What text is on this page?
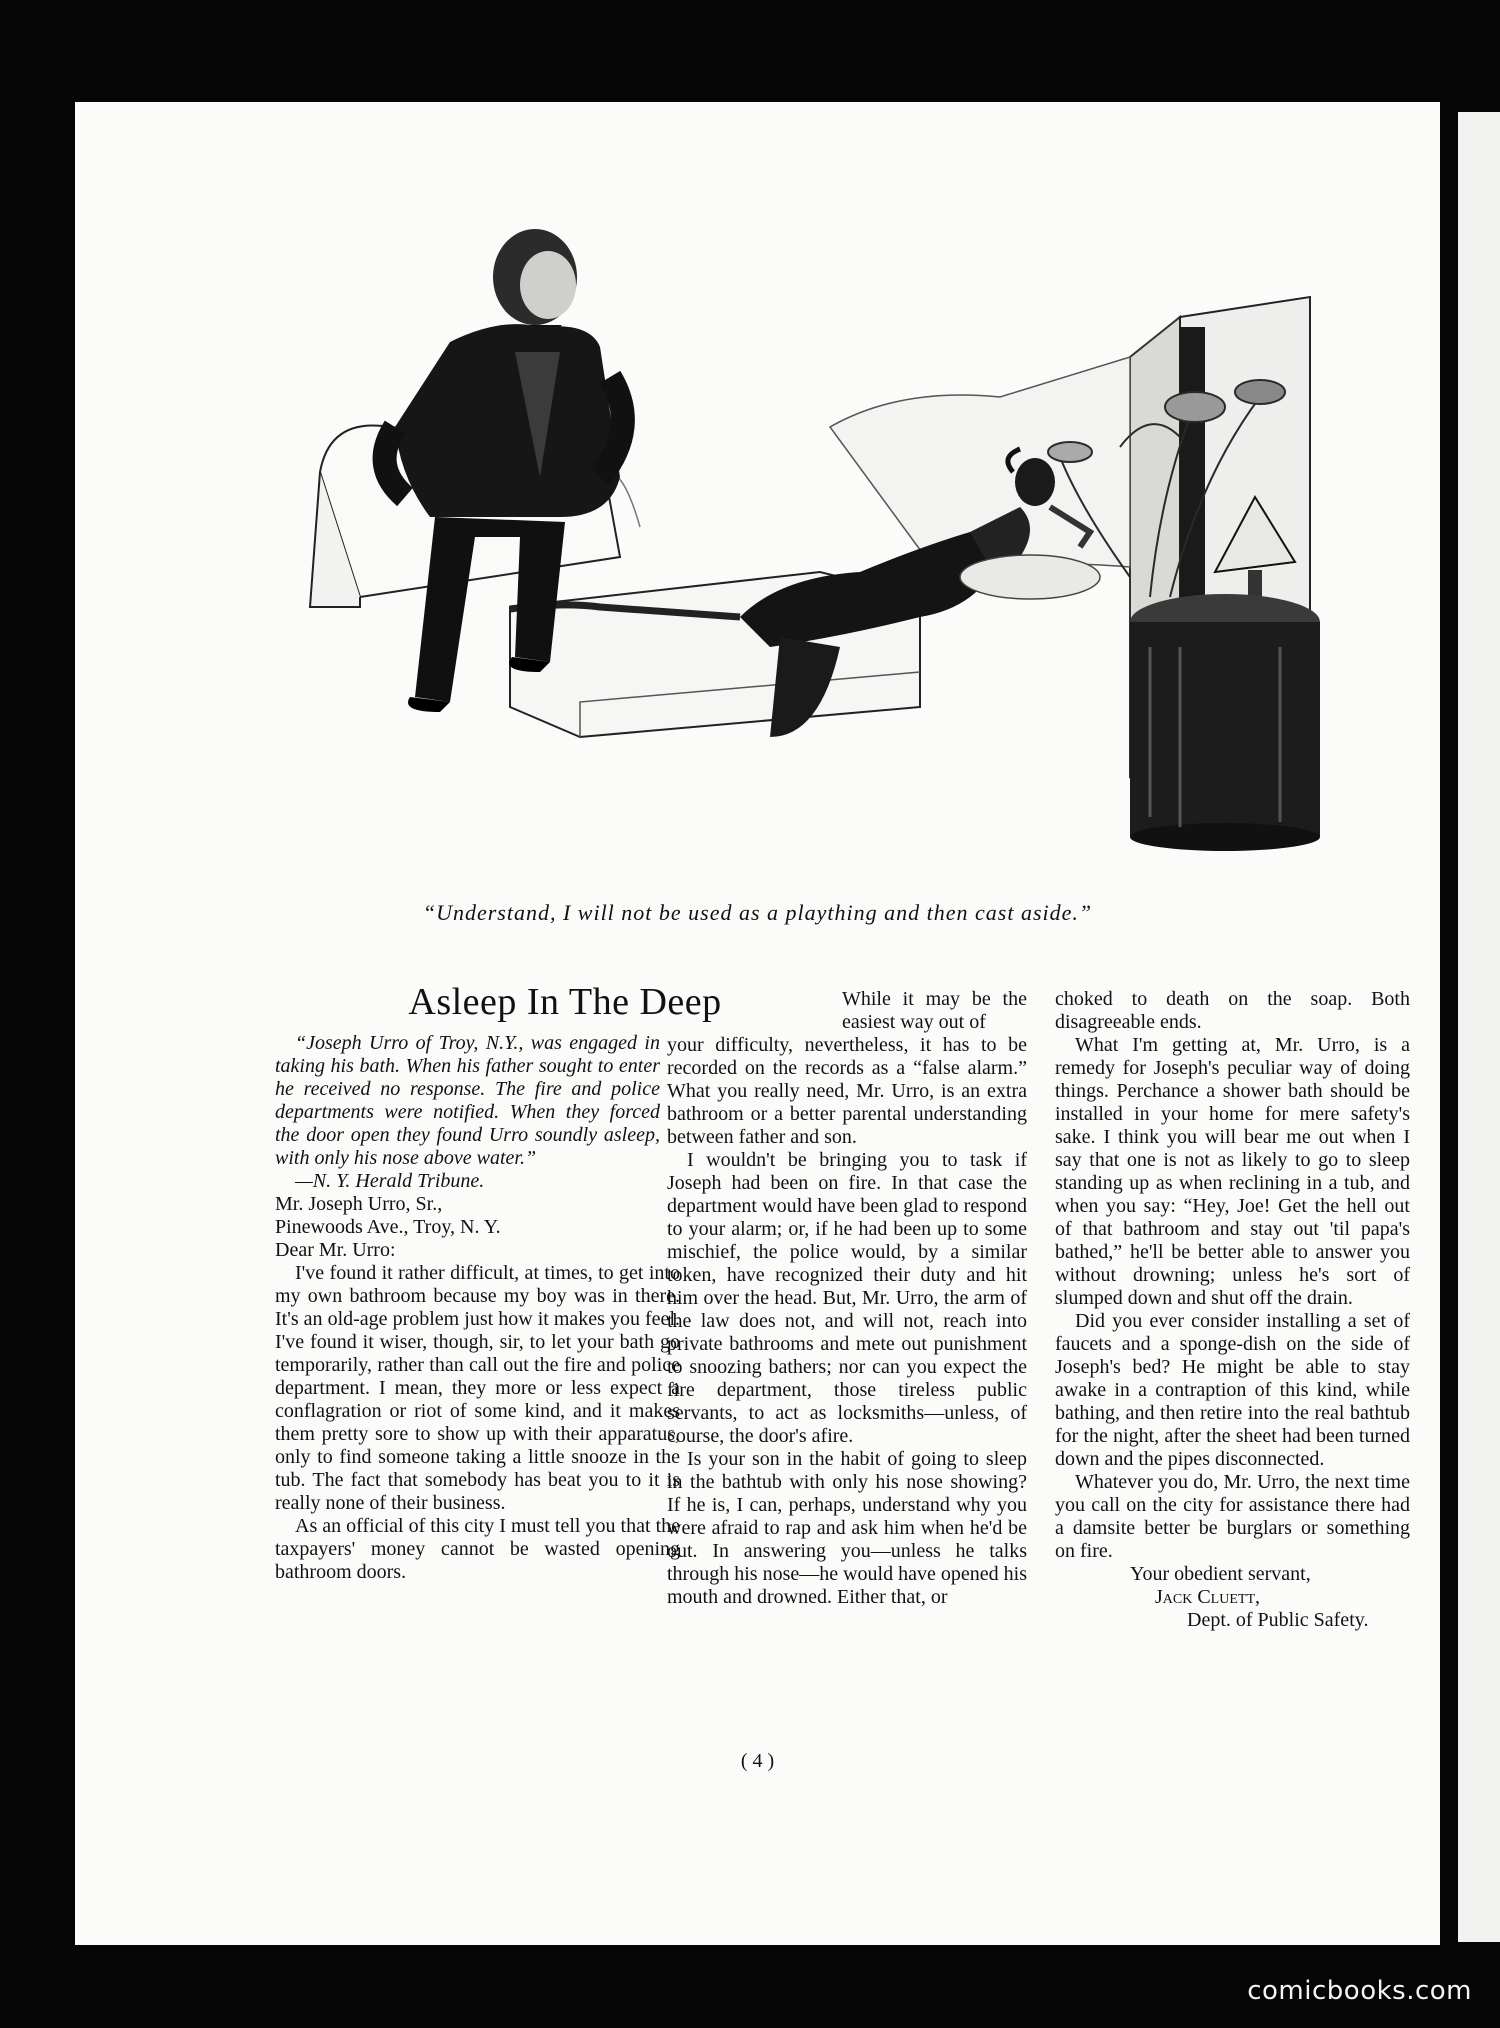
“Understand, I will not be used as a plaything and then cast aside.”
Asleep In The Deep

“Joseph Urro of Troy, N.Y., was engaged in taking his bath. When his father sought to enter he received no response. The fire and police departments were notified. When they forced the door open they found Urro soundly asleep, with only his nose above water.”

—N. Y. Herald Tribune.

Mr. Joseph Urro, Sr.,

Pinewoods Ave., Troy, N. Y.

Dear Mr. Urro:

I've found it rather difficult, at times, to get into my own bathroom because my boy was in there. It's an old-age problem just how it makes you feel. I've found it wiser, though, sir, to let your bath go temporarily, rather than call out the fire and police department. I mean, they more or less expect a conflagration or riot of some kind, and it makes them pretty sore to show up with their apparatus, only to find someone taking a little snooze in the tub. The fact that somebody has beat you to it is really none of their business.

As an official of this city I must tell you that the taxpayers' money cannot be wasted opening bathroom doors.

While it may be the easiest way out of

your difficulty, nevertheless, it has to be recorded on the records as a “false alarm.” What you really need, Mr. Urro, is an extra bathroom or a better parental understanding between father and son.

I wouldn't be bringing you to task if Joseph had been on fire. In that case the department would have been glad to respond to your alarm; or, if he had been up to some mischief, the police would, by a similar token, have recognized their duty and hit him over the head. But, Mr. Urro, the arm of the law does not, and will not, reach into private bathrooms and mete out punishment to snoozing bathers; nor can you expect the fire department, those tireless public servants, to act as locksmiths—unless, of course, the door's afire.

Is your son in the habit of going to sleep in the bathtub with only his nose showing? If he is, I can, perhaps, understand why you were afraid to rap and ask him when he'd be out. In answering you—unless he talks through his nose—he would have opened his mouth and drowned. Either that, or

choked to death on the soap. Both disagreeable ends.

What I'm getting at, Mr. Urro, is a remedy for Joseph's peculiar way of doing things. Perchance a shower bath should be installed in your home for mere safety's sake. I think you will bear me out when I say that one is not as likely to go to sleep standing up as when reclining in a tub, and when you say: “Hey, Joe! Get the hell out of that bathroom and stay out 'til papa's bathed,” he'll be better able to answer you without drowning; unless he's sort of slumped down and shut off the drain.

Did you ever consider installing a set of faucets and a sponge-dish on the side of Joseph's bed? He might be able to stay awake in a contraption of this kind, while bathing, and then retire into the real bathtub for the night, after the sheet had been turned down and the pipes disconnected.

Whatever you do, Mr. Urro, the next time you call on the city for assistance there had a damsite better be burglars or something on fire.

Your obedient servant,

Jack Cluett,

Dept. of Public Safety.

( 4 )
comicbooks.com
